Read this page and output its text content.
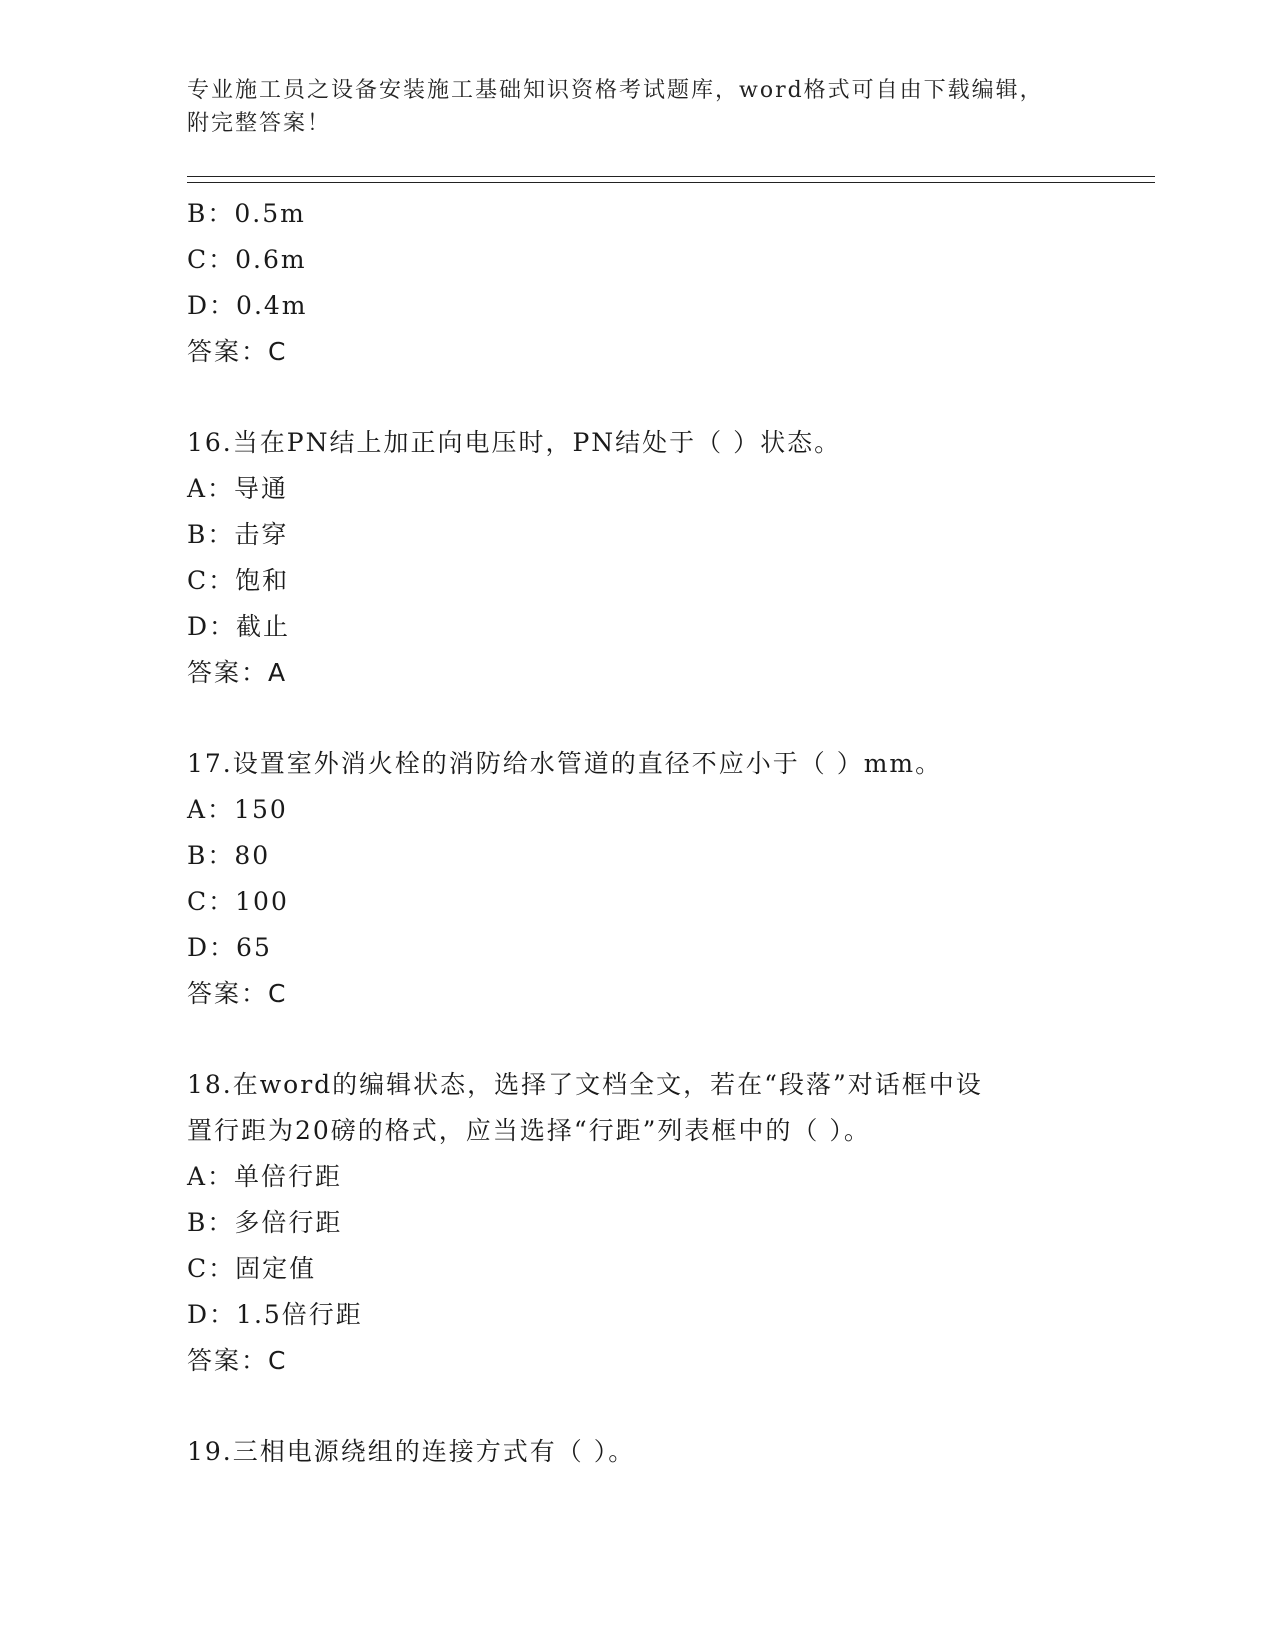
专业施工员之设备安装施工基础知识资格考试题库，word格式可自由下载编辑，
附完整答案！
B：0.5m
C：0.6m
D：0.4m
答案：C
16.当在PN结上加正向电压时，PN结处于（ ）状态。
A：导通
B：击穿
C：饱和
D：截止
答案：A
17.设置室外消火栓的消防给水管道的直径不应小于（ ）mm。
A：150
B：80
C：100
D：65
答案：C
18.在word的编辑状态，选择了文档全文，若在“段落”对话框中设
置行距为20磅的格式，应当选择“行距”列表框中的（ ）。
A：单倍行距
B：多倍行距
C：固定值
D：1.5倍行距
答案：C
19.三相电源绕组的连接方式有（ ）。
